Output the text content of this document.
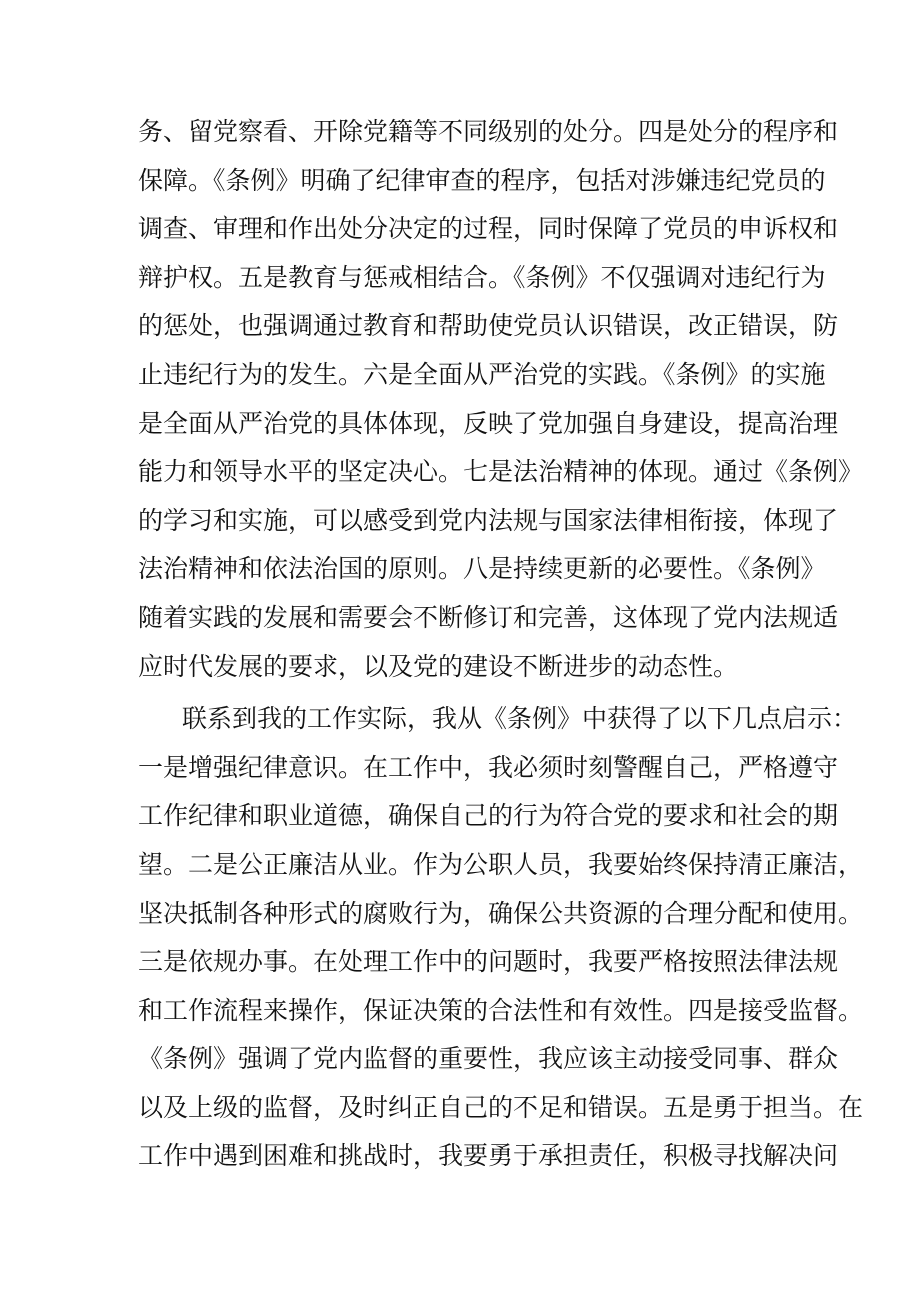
务、留党察看、开除党籍等不同级别的处分。四是处分的程序和
保障。《条例》明确了纪律审查的程序，包括对涉嫌违纪党员的
调查、审理和作出处分决定的过程，同时保障了党员的申诉权和
辩护权。五是教育与惩戒相结合。《条例》不仅强调对违纪行为
的惩处，也强调通过教育和帮助使党员认识错误，改正错误，防
止违纪行为的发生。六是全面从严治党的实践。《条例》的实施
是全面从严治党的具体体现，反映了党加强自身建设，提高治理
能力和领导水平的坚定决心。七是法治精神的体现。通过《条例》
的学习和实施，可以感受到党内法规与国家法律相衔接，体现了
法治精神和依法治国的原则。八是持续更新的必要性。《条例》
随着实践的发展和需要会不断修订和完善，这体现了党内法规适
应时代发展的要求，以及党的建设不断进步的动态性。
联系到我的工作实际，我从《条例》中获得了以下几点启示：
一是增强纪律意识。在工作中，我必须时刻警醒自己，严格遵守
工作纪律和职业道德，确保自己的行为符合党的要求和社会的期
望。二是公正廉洁从业。作为公职人员，我要始终保持清正廉洁，
坚决抵制各种形式的腐败行为，确保公共资源的合理分配和使用。
三是依规办事。在处理工作中的问题时，我要严格按照法律法规
和工作流程来操作，保证决策的合法性和有效性。四是接受监督。
《条例》强调了党内监督的重要性，我应该主动接受同事、群众
以及上级的监督，及时纠正自己的不足和错误。五是勇于担当。在
工作中遇到困难和挑战时，我要勇于承担责任，积极寻找解决问
